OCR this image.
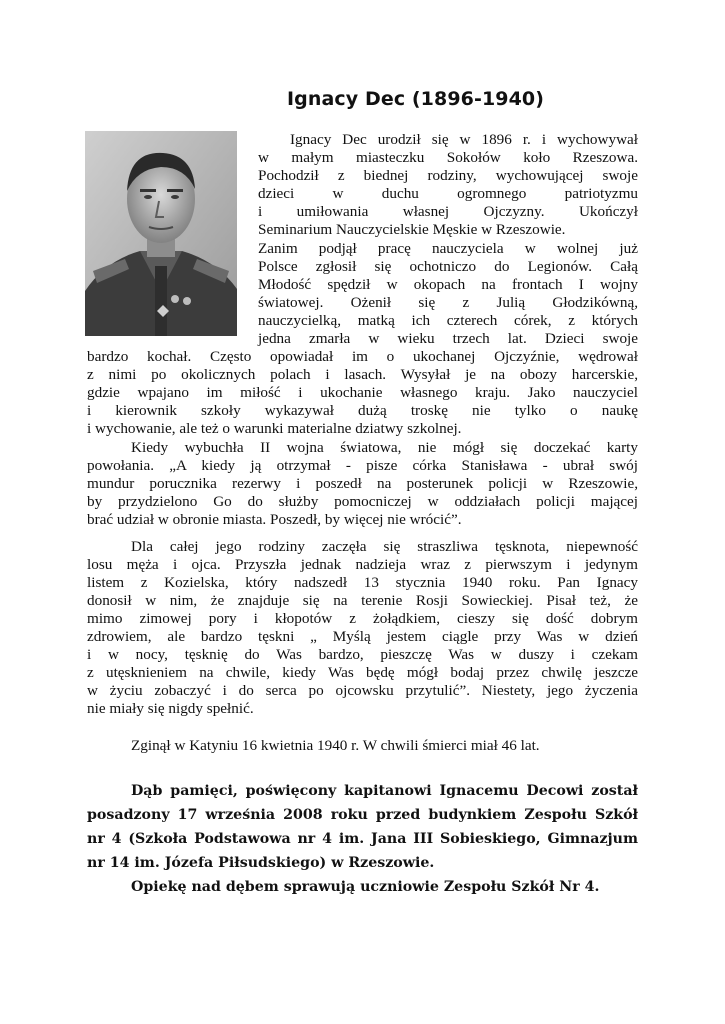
Ignacy Dec (1896-1940)
Ignacy Dec urodził się w 1896 r. i wychowywał
w małym miasteczku Sokołów koło Rzeszowa.
Pochodził z biednej rodziny, wychowującej swoje
dzieci w duchu ogromnego patriotyzmu
i umiłowania własnej Ojczyzny. Ukończył
Seminarium Nauczycielskie Męskie w Rzeszowie.
Zanim podjął pracę nauczyciela w wolnej już
Polsce zgłosił się ochotniczo do Legionów. Całą
Młodość spędził w okopach na frontach I wojny
światowej. Ożenił się z Julią Głodzikówną,
nauczycielką, matką ich czterech córek, z których
jedna zmarła w wieku trzech lat. Dzieci swoje
bardzo kochał. Często opowiadał im o ukochanej Ojczyźnie, wędrował
z nimi po okolicznych polach i lasach. Wysyłał je na obozy harcerskie,
gdzie wpajano im miłość i ukochanie własnego kraju. Jako nauczyciel
i kierownik szkoły wykazywał dużą troskę nie tylko o naukę
i wychowanie, ale też o warunki materialne dziatwy szkolnej.
Kiedy wybuchła II wojna światowa, nie mógł się doczekać karty
powołania. „A kiedy ją otrzymał - pisze córka Stanisława - ubrał swój
mundur porucznika rezerwy i poszedł na posterunek policji w Rzeszowie,
by przydzielono Go do służby pomocniczej w oddziałach policji mającej
brać udział w obronie miasta. Poszedł, by więcej nie wrócić”.
Dla całej jego rodziny zaczęła się straszliwa tęsknota, niepewność
losu męża i ojca. Przyszła jednak nadzieja wraz z pierwszym i jedynym
listem z Kozielska, który nadszedł 13 stycznia 1940 roku. Pan Ignacy
donosił w nim, że znajduje się na terenie Rosji Sowieckiej. Pisał też, że
mimo zimowej pory i kłopotów z żołądkiem, cieszy się dość dobrym
zdrowiem, ale bardzo tęskni „ Myślą jestem ciągle przy Was w dzień
i w nocy, tęsknię do Was bardzo, pieszczę Was w duszy i czekam
z utęsknieniem na chwile, kiedy Was będę mógł bodaj przez chwilę jeszcze
w życiu zobaczyć i do serca po ojcowsku przytulić”. Niestety, jego życzenia
nie miały się nigdy spełnić.
Zginął w Katyniu 16 kwietnia 1940 r. W chwili śmierci miał 46 lat.
Dąb pamięci, poświęcony kapitanowi Ignacemu Decowi został
posadzony 17 września 2008 roku przed budynkiem Zespołu Szkół
nr 4 (Szkoła Podstawowa nr 4 im. Jana III Sobieskiego, Gimnazjum
nr 14 im. Józefa Piłsudskiego) w Rzeszowie.
Opiekę nad dębem sprawują uczniowie Zespołu Szkół Nr 4.
